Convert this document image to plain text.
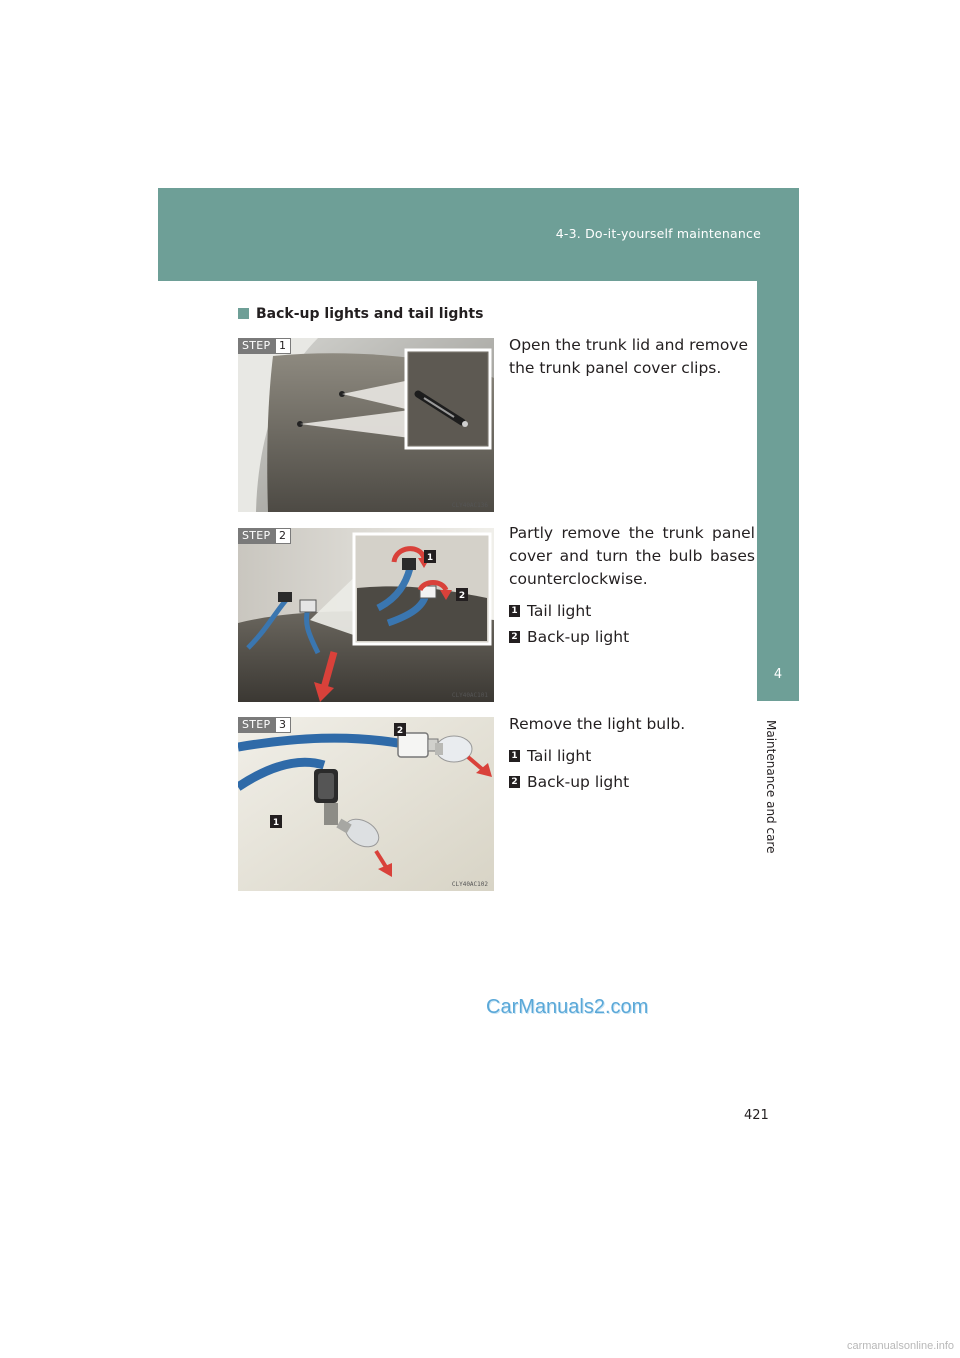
4-3. Do-it-yourself maintenance
4
Maintenance and care
Back-up lights and tail lights
STEP 1
CLY40AC136
Open the trunk lid and remove the trunk panel cover clips.
1
2
STEP 2
CLY40AC101
Partly remove the trunk panel cover and turn the bulb bases counterclockwise.
1 Tail light
2 Back-up light
2
1
STEP 3
CLY40AC102
Remove the light bulb.
1 Tail light
2 Back-up light
CarManuals2.com
421
carmanualsonline.info
